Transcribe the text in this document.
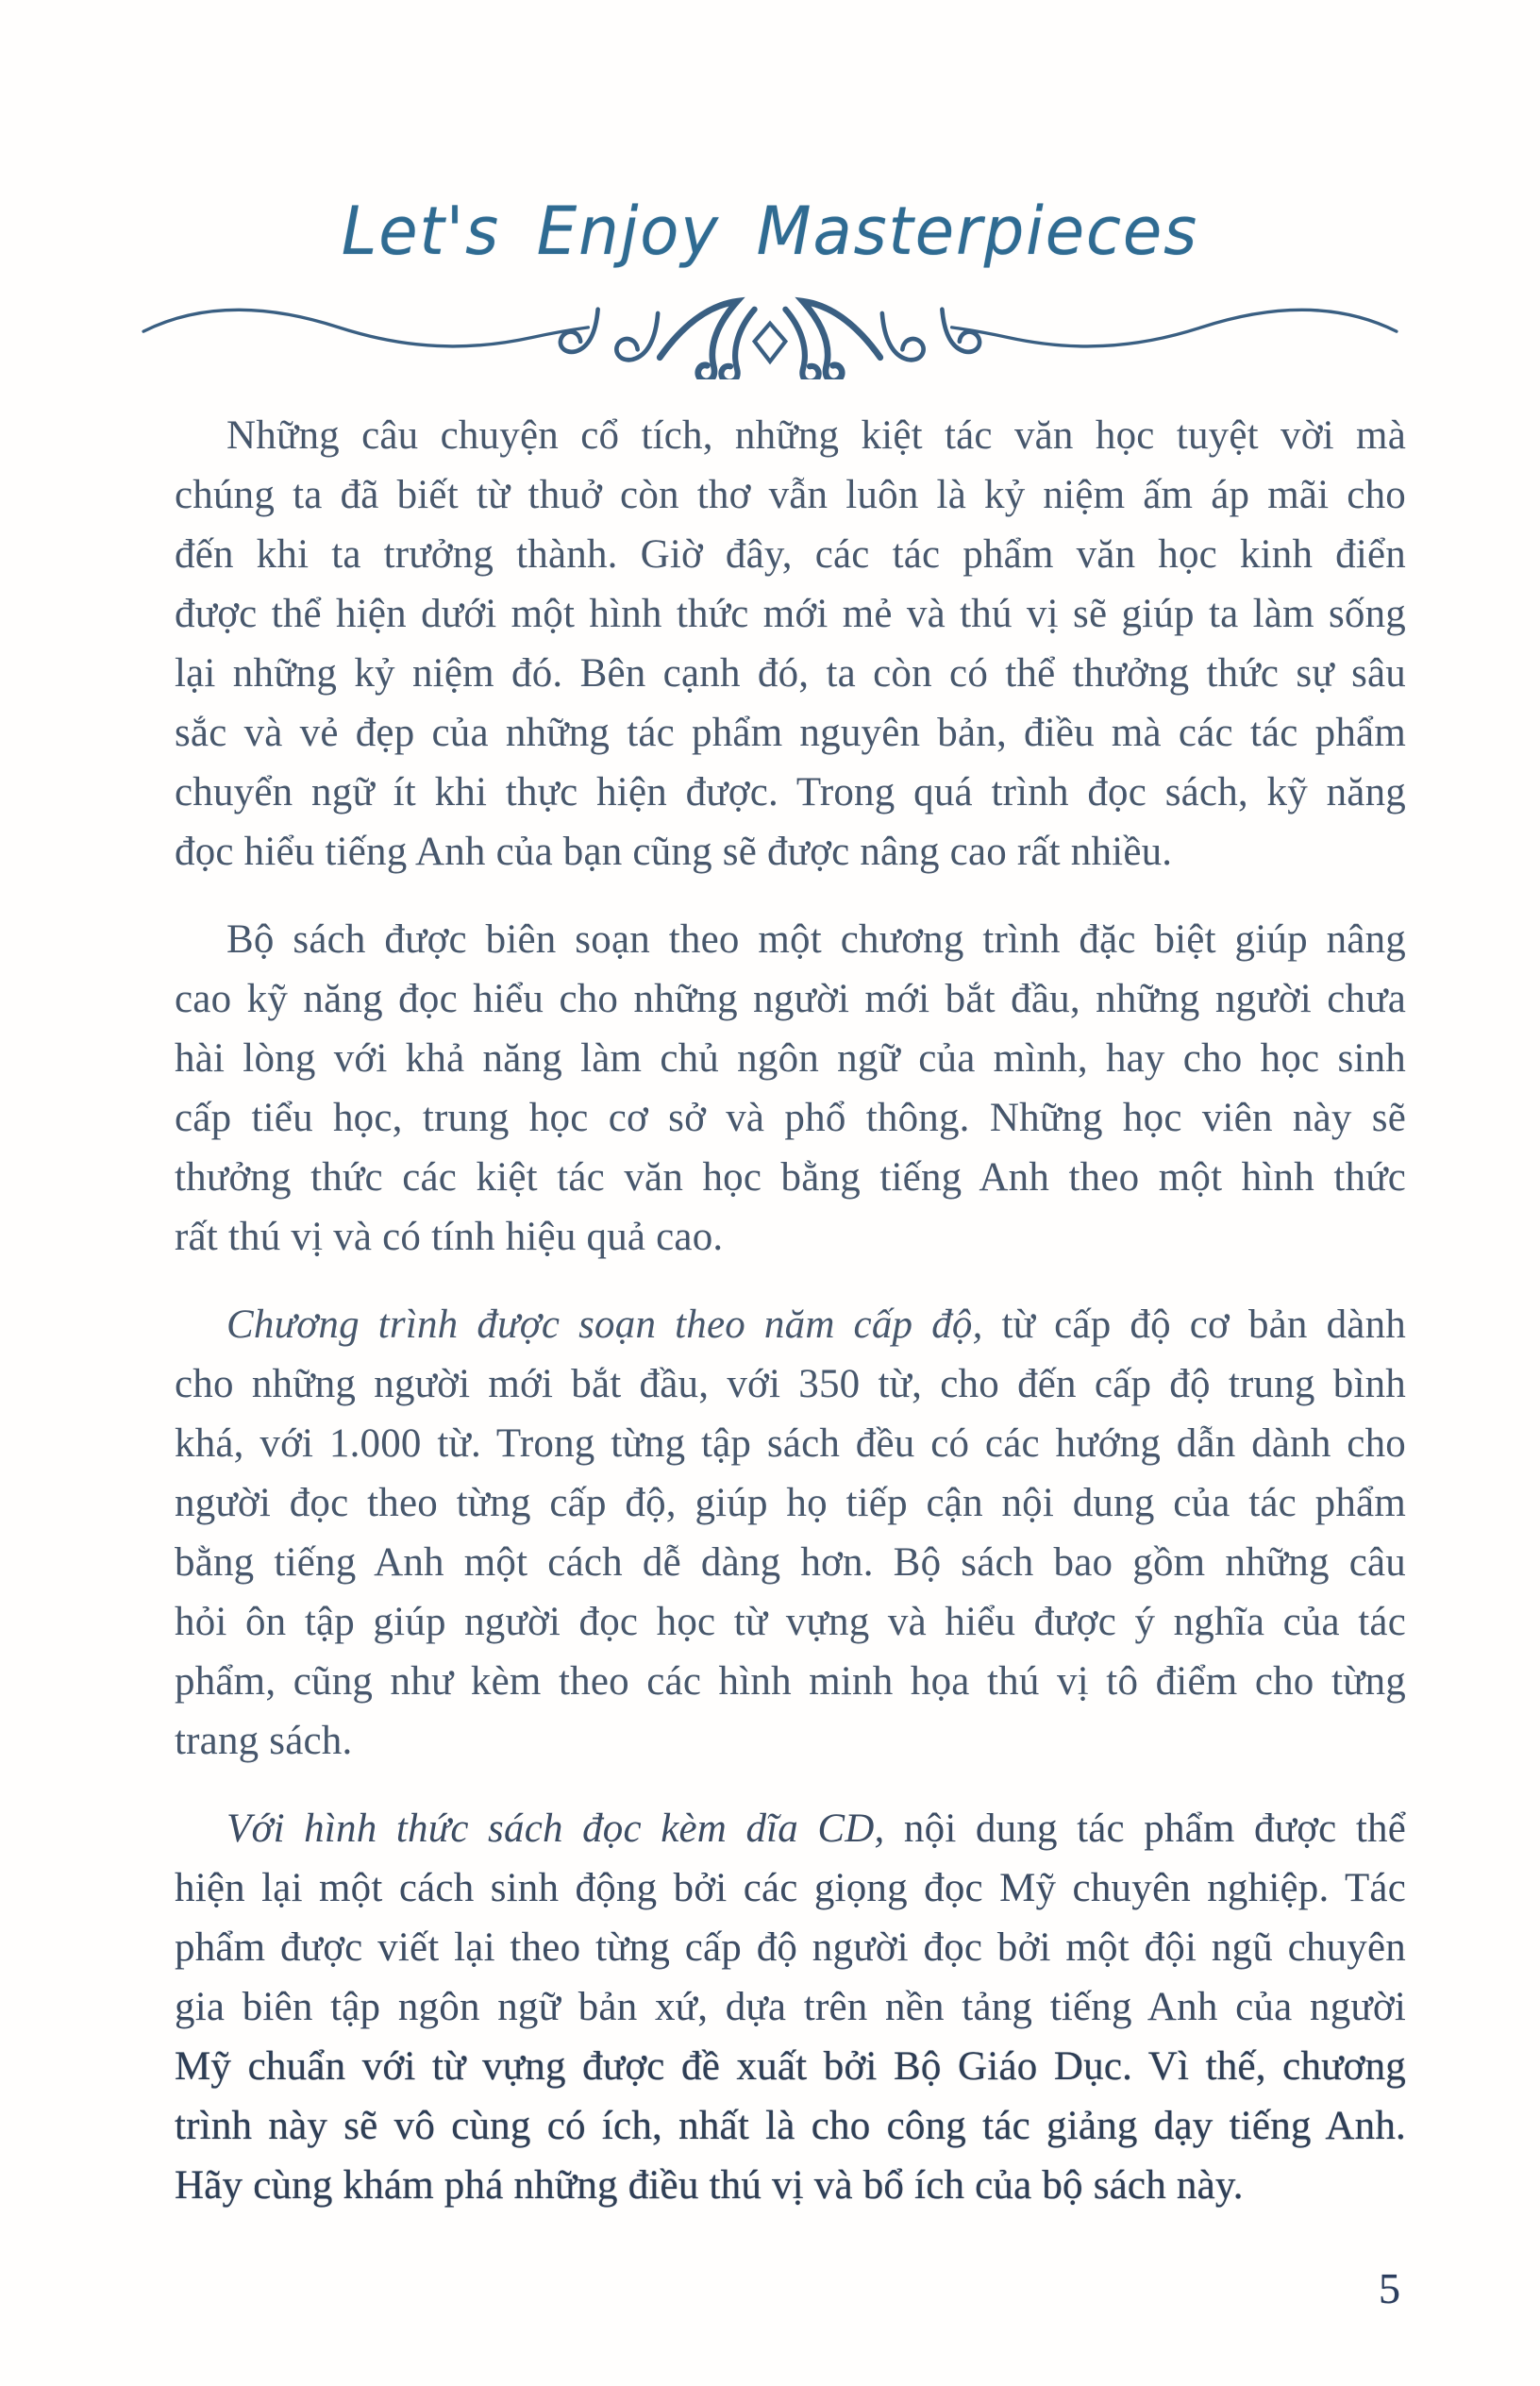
Let's Enjoy Masterpieces
Những câu chuyện cổ tích, những kiệt tác văn học tuyệt vời mà
chúng ta đã biết từ thuở còn thơ vẫn luôn là kỷ niệm ấm áp mãi cho
đến khi ta trưởng thành. Giờ đây, các tác phẩm văn học kinh điển
được thể hiện dưới một hình thức mới mẻ và thú vị sẽ giúp ta làm sống
lại những kỷ niệm đó. Bên cạnh đó, ta còn có thể thưởng thức sự sâu
sắc và vẻ đẹp của những tác phẩm nguyên bản, điều mà các tác phẩm
chuyển ngữ ít khi thực hiện được. Trong quá trình đọc sách, kỹ năng
đọc hiểu tiếng Anh của bạn cũng sẽ được nâng cao rất nhiều.
Bộ sách được biên soạn theo một chương trình đặc biệt giúp nâng
cao kỹ năng đọc hiểu cho những người mới bắt đầu, những người chưa
hài lòng với khả năng làm chủ ngôn ngữ của mình, hay cho học sinh
cấp tiểu học, trung học cơ sở và phổ thông. Những học viên này sẽ
thưởng thức các kiệt tác văn học bằng tiếng Anh theo một hình thức
rất thú vị và có tính hiệu quả cao.
Chương trình được soạn theo năm cấp độ, từ cấp độ cơ bản dành
cho những người mới bắt đầu, với 350 từ, cho đến cấp độ trung bình
khá, với 1.000 từ. Trong từng tập sách đều có các hướng dẫn dành cho
người đọc theo từng cấp độ, giúp họ tiếp cận nội dung của tác phẩm
bằng tiếng Anh một cách dễ dàng hơn. Bộ sách bao gồm những câu
hỏi ôn tập giúp người đọc học từ vựng và hiểu được ý nghĩa của tác
phẩm, cũng như kèm theo các hình minh họa thú vị tô điểm cho từng
trang sách.
Với hình thức sách đọc kèm dĩa CD, nội dung tác phẩm được thể
hiện lại một cách sinh động bởi các giọng đọc Mỹ chuyên nghiệp. Tác
phẩm được viết lại theo từng cấp độ người đọc bởi một đội ngũ chuyên
gia biên tập ngôn ngữ bản xứ, dựa trên nền tảng tiếng Anh của người
Mỹ chuẩn với từ vựng được đề xuất bởi Bộ Giáo Dục. Vì thế, chương
trình này sẽ vô cùng có ích, nhất là cho công tác giảng dạy tiếng Anh.
Hãy cùng khám phá những điều thú vị và bổ ích của bộ sách này.
5
